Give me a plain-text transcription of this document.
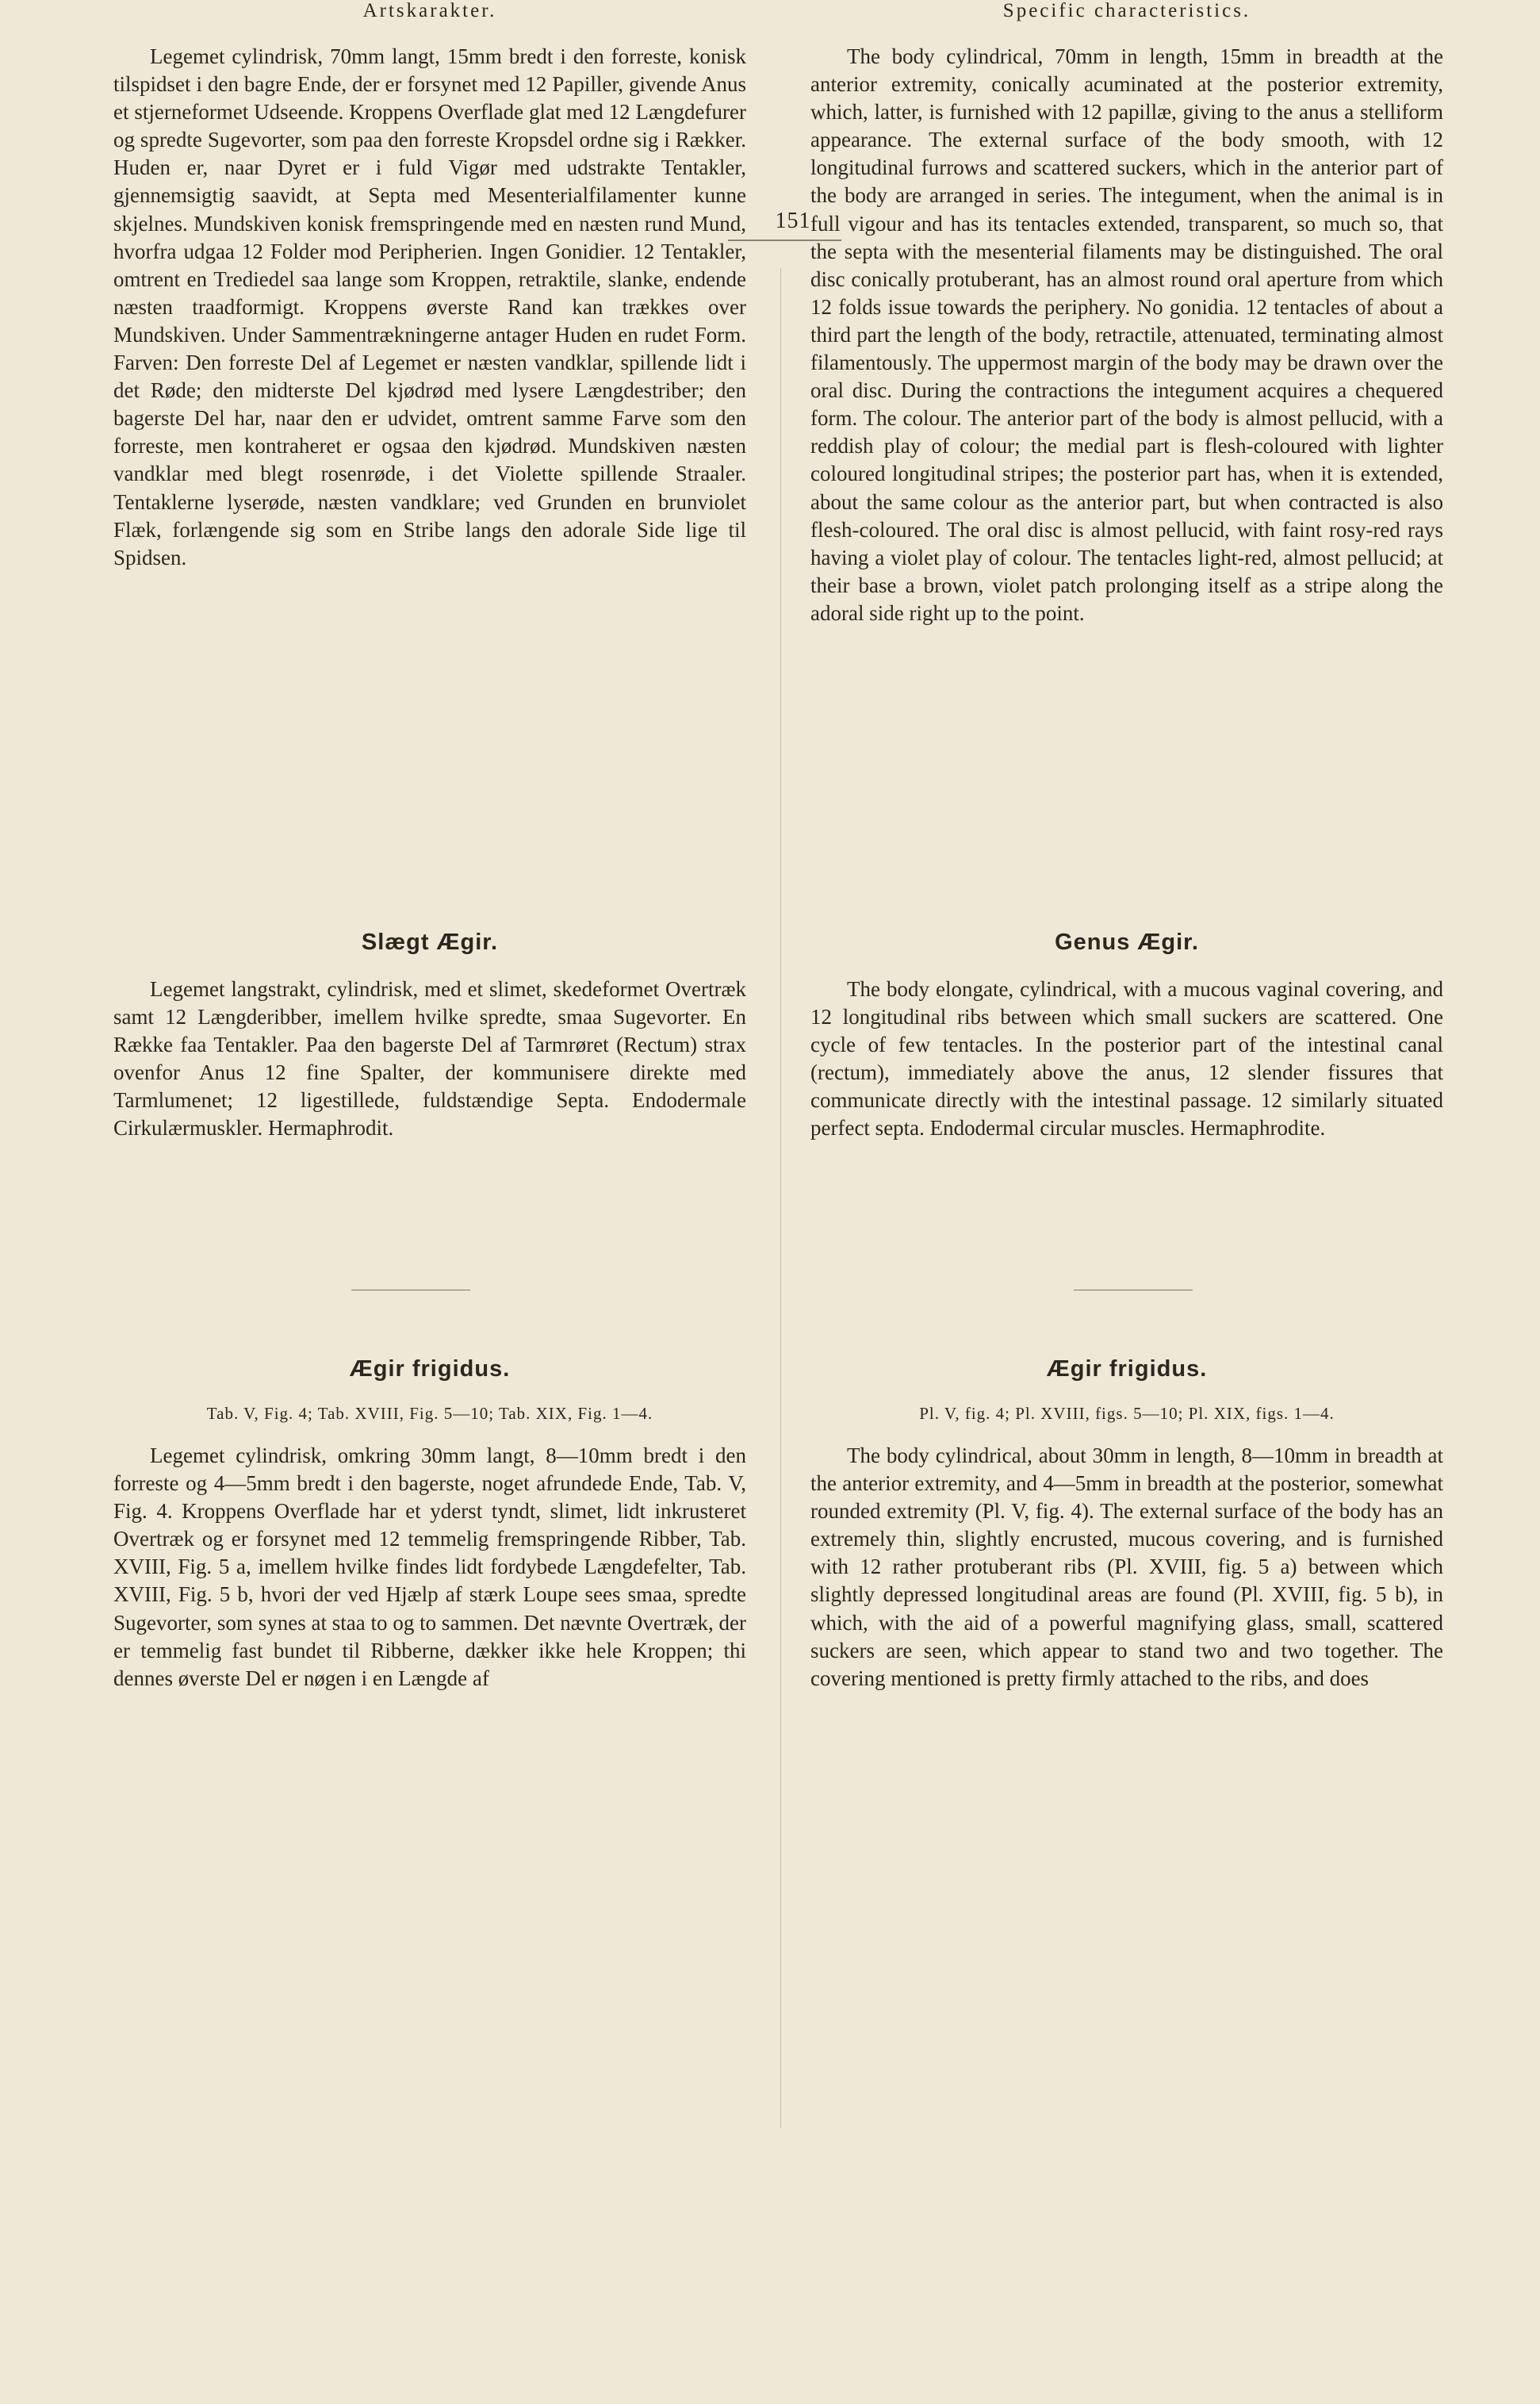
151
Artskarakter.

Legemet cylindrisk, 70mm langt, 15mm bredt i den forreste, konisk tilspidset i den bagre Ende, der er forsynet med 12 Papiller, givende Anus et stjerneformet Udseende. Kroppens Overflade glat med 12 Længdefurer og spredte Sugevorter, som paa den forreste Kropsdel ordne sig i Rækker. Huden er, naar Dyret er i fuld Vigør med udstrakte Tentakler, gjennemsigtig saavidt, at Septa med Mesenterialfilamenter kunne skjelnes. Mundskiven konisk fremspringende med en næsten rund Mund, hvorfra udgaa 12 Folder mod Peripherien. Ingen Gonidier. 12 Tentakler, omtrent en Trediedel saa lange som Kroppen, retraktile, slanke, endende næsten traadformigt. Kroppens øverste Rand kan trækkes over Mundskiven. Under Sammentrækningerne antager Huden en rudet Form. Farven: Den forreste Del af Legemet er næsten vandklar, spillende lidt i det Røde; den midterste Del kjødrød med lysere Længdestriber; den bagerste Del har, naar den er udvidet, omtrent samme Farve som den forreste, men kontraheret er ogsaa den kjødrød. Mundskiven næsten vandklar med blegt rosenrøde, i det Violette spillende Straaler. Tentaklerne lyserøde, næsten vandklare; ved Grunden en brunviolet Flæk, forlængende sig som en Stribe langs den adorale Side lige til Spidsen.

Slægt Ægir.

Legemet langstrakt, cylindrisk, med et slimet, skedeformet Overtræk samt 12 Længderibber, imellem hvilke spredte, smaa Sugevorter. En Række faa Tentakler. Paa den bagerste Del af Tarmrøret (Rectum) strax ovenfor Anus 12 fine Spalter, der kommunisere direkte med Tarmlumenet; 12 ligestillede, fuldstændige Septa. Endodermale Cirkulærmuskler. Hermaphrodit.

Ægir frigidus.

Tab. V, Fig. 4; Tab. XVIII, Fig. 5—10; Tab. XIX, Fig. 1—4.

Legemet cylindrisk, omkring 30mm langt, 8—10mm bredt i den forreste og 4—5mm bredt i den bagerste, noget afrundede Ende, Tab. V, Fig. 4. Kroppens Overflade har et yderst tyndt, slimet, lidt inkrusteret Overtræk og er forsynet med 12 temmelig fremspringende Ribber, Tab. XVIII, Fig. 5 a, imellem hvilke findes lidt fordybede Længdefelter, Tab. XVIII, Fig. 5 b, hvori der ved Hjælp af stærk Loupe sees smaa, spredte Sugevorter, som synes at staa to og to sammen. Det nævnte Overtræk, der er temmelig fast bundet til Ribberne, dækker ikke hele Kroppen; thi dennes øverste Del er nøgen i en Længde af

Specific characteristics.

The body cylindrical, 70mm in length, 15mm in breadth at the anterior extremity, conically acuminated at the posterior extremity, which, latter, is furnished with 12 papillæ, giving to the anus a stelliform appearance. The external surface of the body smooth, with 12 longitudinal furrows and scattered suckers, which in the anterior part of the body are arranged in series. The integument, when the animal is in full vigour and has its tentacles extended, transparent, so much so, that the septa with the mesenterial filaments may be distinguished. The oral disc conically protuberant, has an almost round oral aperture from which 12 folds issue towards the periphery. No gonidia. 12 tentacles of about a third part the length of the body, retractile, attenuated, terminating almost filamentously. The uppermost margin of the body may be drawn over the oral disc. During the contractions the integument acquires a chequered form. The colour. The anterior part of the body is almost pellucid, with a reddish play of colour; the medial part is flesh-coloured with lighter coloured longitudinal stripes; the posterior part has, when it is extended, about the same colour as the anterior part, but when contracted is also flesh-coloured. The oral disc is almost pellucid, with faint rosy-red rays having a violet play of colour. The tentacles light-red, almost pellucid; at their base a brown, violet patch prolonging itself as a stripe along the adoral side right up to the point.

Genus Ægir.

The body elongate, cylindrical, with a mucous vaginal covering, and 12 longitudinal ribs between which small suckers are scattered. One cycle of few tentacles. In the posterior part of the intestinal canal (rectum), immediately above the anus, 12 slender fissures that communicate directly with the intestinal passage. 12 similarly situated perfect septa. Endodermal circular muscles. Hermaphrodite.

Ægir frigidus.

Pl. V, fig. 4; Pl. XVIII, figs. 5—10; Pl. XIX, figs. 1—4.

The body cylindrical, about 30mm in length, 8—10mm in breadth at the anterior extremity, and 4—5mm in breadth at the posterior, somewhat rounded extremity (Pl. V, fig. 4). The external surface of the body has an extremely thin, slightly encrusted, mucous covering, and is furnished with 12 rather protuberant ribs (Pl. XVIII, fig. 5 a) between which slightly depressed longitudinal areas are found (Pl. XVIII, fig. 5 b), in which, with the aid of a powerful magnifying glass, small, scattered suckers are seen, which appear to stand two and two together. The covering mentioned is pretty firmly attached to the ribs, and does
